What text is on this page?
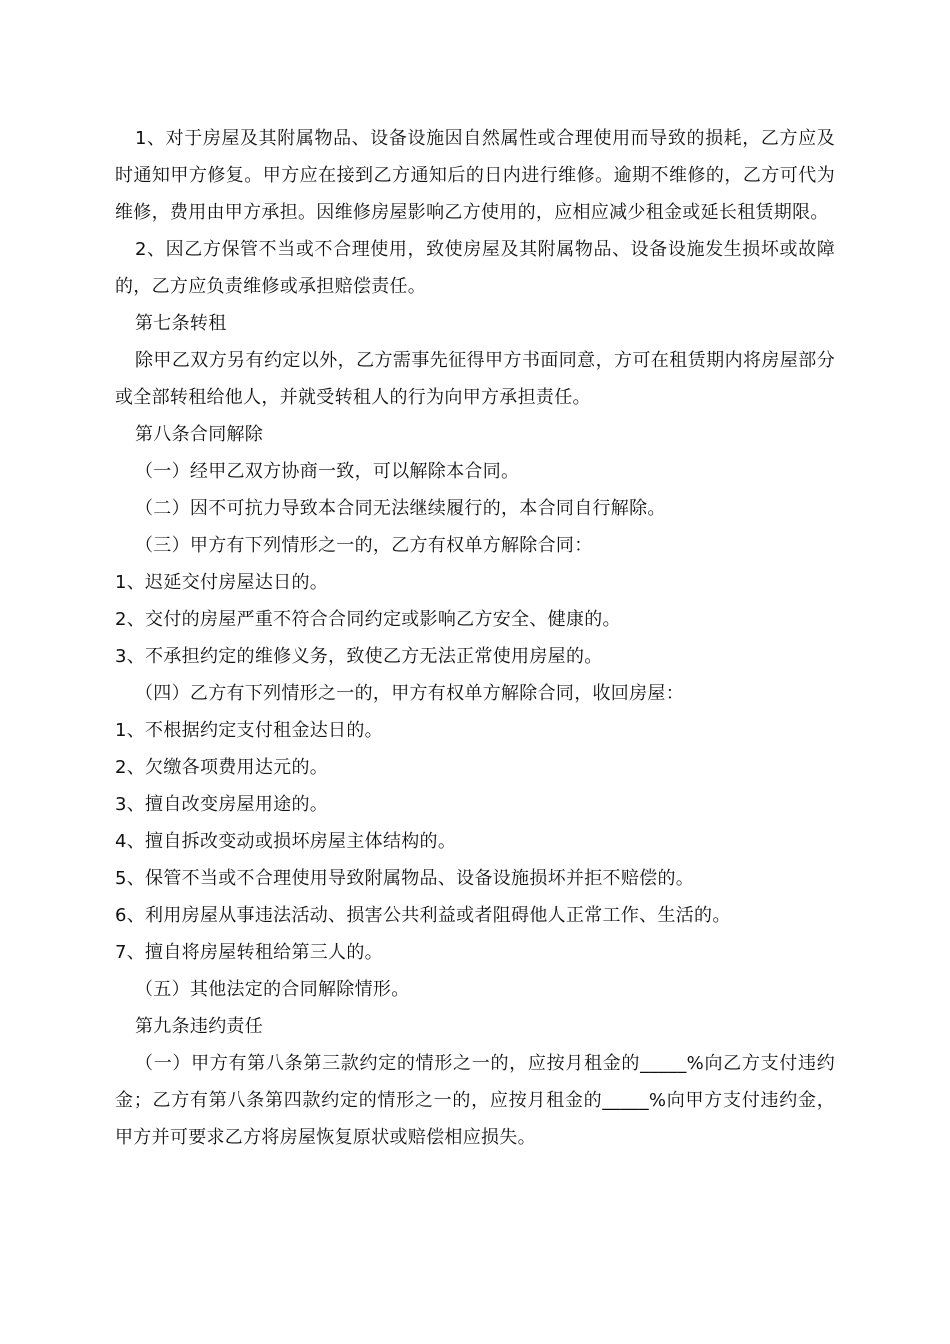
1、对于房屋及其附属物品、设备设施因自然属性或合理使用而导致的损耗，乙方应及时通知甲方修复。甲方应在接到乙方通知后的日内进行维修。逾期不维修的，乙方可代为维修，费用由甲方承担。因维修房屋影响乙方使用的，应相应减少租金或延长租赁期限。

2、因乙方保管不当或不合理使用，致使房屋及其附属物品、设备设施发生损坏或故障的，乙方应负责维修或承担赔偿责任。

第七条转租

除甲乙双方另有约定以外，乙方需事先征得甲方书面同意，方可在租赁期内将房屋部分或全部转租给他人，并就受转租人的行为向甲方承担责任。

第八条合同解除

（一）经甲乙双方协商一致，可以解除本合同。

（二）因不可抗力导致本合同无法继续履行的，本合同自行解除。

（三）甲方有下列情形之一的，乙方有权单方解除合同：

1、迟延交付房屋达日的。

2、交付的房屋严重不符合合同约定或影响乙方安全、健康的。

3、不承担约定的维修义务，致使乙方无法正常使用房屋的。

（四）乙方有下列情形之一的，甲方有权单方解除合同，收回房屋：

1、不根据约定支付租金达日的。

2、欠缴各项费用达元的。

3、擅自改变房屋用途的。

4、擅自拆改变动或损坏房屋主体结构的。

5、保管不当或不合理使用导致附属物品、设备设施损坏并拒不赔偿的。

6、利用房屋从事违法活动、损害公共利益或者阻碍他人正常工作、生活的。

7、擅自将房屋转租给第三人的。

（五）其他法定的合同解除情形。

第九条违约责任

（一）甲方有第八条第三款约定的情形之一的，应按月租金的_____%向乙方支付违约金；乙方有第八条第四款约定的情形之一的，应按月租金的_____%向甲方支付违约金，甲方并可要求乙方将房屋恢复原状或赔偿相应损失。
